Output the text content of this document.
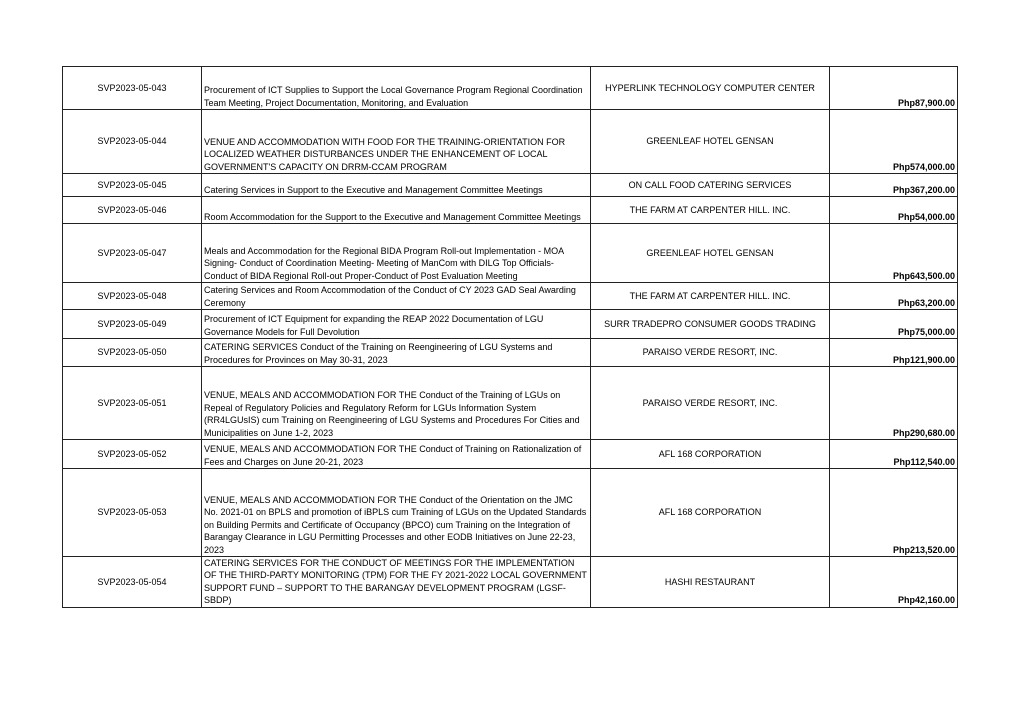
SVP2023-05-043	Procurement of ICT Supplies to Support the Local Governance Program Regional Coordination Team Meeting, Project Documentation, Monitoring, and Evaluation	HYPERLINK TECHNOLOGY COMPUTER CENTER	Php87,900.00
SVP2023-05-044	VENUE AND ACCOMMODATION WITH FOOD FOR THE TRAINING-ORIENTATION FOR LOCALIZED WEATHER DISTURBANCES UNDER THE ENHANCEMENT OF LOCAL GOVERNMENT'S CAPACITY ON DRRM-CCAM PROGRAM	GREENLEAF HOTEL GENSAN	Php574,000.00
SVP2023-05-045	Catering Services in Support to the Executive and Management Committee Meetings	ON CALL FOOD CATERING SERVICES	Php367,200.00
SVP2023-05-046	Room Accommodation for the Support to the Executive and Management Committee Meetings	THE FARM AT CARPENTER HILL. INC.	Php54,000.00
SVP2023-05-047	Meals and Accommodation for the Regional BIDA Program Roll-out Implementation - MOA Signing- Conduct of Coordination Meeting- Meeting of ManCom with DILG Top Officials- Conduct of BIDA Regional Roll-out Proper-Conduct of Post Evaluation Meeting	GREENLEAF HOTEL GENSAN	Php643,500.00
SVP2023-05-048	Catering Services and Room Accommodation of the Conduct of CY 2023 GAD Seal Awarding Ceremony	THE FARM AT CARPENTER HILL. INC.	Php63,200.00
SVP2023-05-049	Procurement of ICT Equipment for expanding the REAP 2022 Documentation of LGU Governance Models for Full Devolution	SURR TRADEPRO CONSUMER GOODS TRADING	Php75,000.00
SVP2023-05-050	CATERING SERVICES Conduct of the Training on Reengineering of LGU Systems and Procedures for Provinces on May 30-31, 2023	PARAISO VERDE RESORT, INC.	Php121,900.00
SVP2023-05-051	VENUE, MEALS AND ACCOMMODATION FOR THE Conduct of the Training of LGUs on Repeal of Regulatory Policies and Regulatory Reform for LGUs Information System (RR4LGUsIS) cum Training on Reengineering of LGU Systems and Procedures For Cities and Municipalities on June 1-2, 2023	PARAISO VERDE RESORT, INC.	Php290,680.00
SVP2023-05-052	VENUE, MEALS AND ACCOMMODATION FOR THE Conduct of Training on Rationalization of Fees and Charges on June 20-21, 2023	AFL 168 CORPORATION	Php112,540.00
SVP2023-05-053	VENUE, MEALS AND ACCOMMODATION FOR THE Conduct of the Orientation on the JMC No. 2021-01 on BPLS and promotion of iBPLS cum Training of LGUs on the Updated Standards on Building Permits and Certificate of Occupancy (BPCO) cum Training on the Integration of Barangay Clearance in LGU Permitting Processes and other EODB Initiatives on June 22-23, 2023	AFL 168 CORPORATION	Php213,520.00
SVP2023-05-054	CATERING SERVICES FOR THE CONDUCT OF MEETINGS FOR THE IMPLEMENTATION OF THE THIRD-PARTY MONITORING (TPM) FOR THE FY 2021-2022 LOCAL GOVERNMENT SUPPORT FUND – SUPPORT TO THE BARANGAY DEVELOPMENT PROGRAM (LGSF-SBDP)	HASHI RESTAURANT	Php42,160.00
